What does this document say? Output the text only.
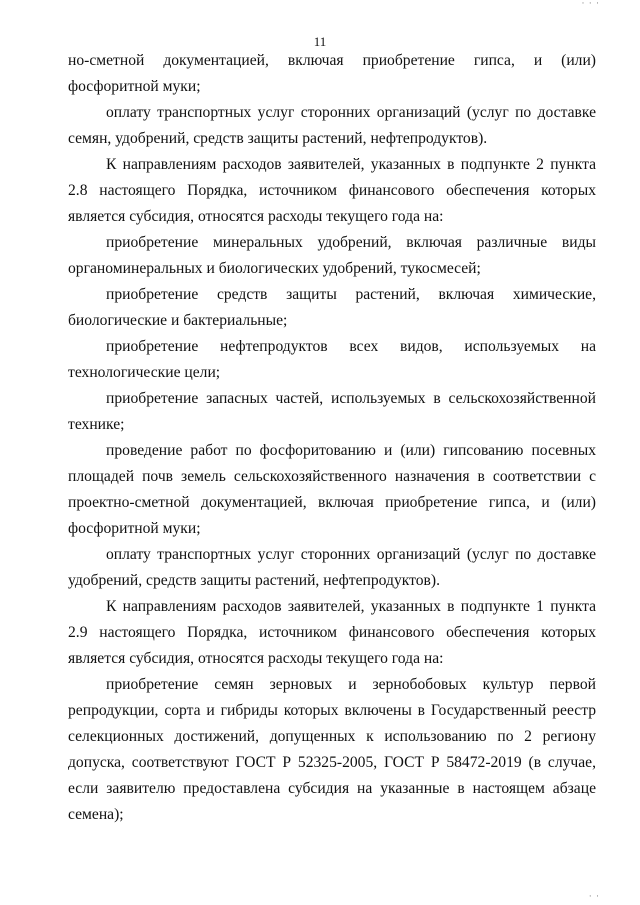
· · ·
11

но-сметной документацией, включая приобретение гипса, и (или) фосфоритной муки;

оплату транспортных услуг сторонних организаций (услуг по доставке семян, удобрений, средств защиты растений, нефтепродуктов).

К направлениям расходов заявителей, указанных в подпункте 2 пункта 2.8 настоящего Порядка, источником финансового обеспечения которых является субсидия, относятся расходы текущего года на:

приобретение минеральных удобрений, включая различные виды органоминеральных и биологических удобрений, тукосмесей;

приобретение средств защиты растений, включая химические, биологические и бактериальные;

приобретение нефтепродуктов всех видов, используемых на технологические цели;

приобретение запасных частей, используемых в сельскохозяйственной технике;

проведение работ по фосфоритованию и (или) гипсованию посевных площадей почв земель сельскохозяйственного назначения в соответствии с проектно-сметной документацией, включая приобретение гипса, и (или) фосфоритной муки;

оплату транспортных услуг сторонних организаций (услуг по доставке удобрений, средств защиты растений, нефтепродуктов).

К направлениям расходов заявителей, указанных в подпункте 1 пункта 2.9 настоящего Порядка, источником финансового обеспечения которых является субсидия, относятся расходы текущего года на:

приобретение семян зерновых и зернобобовых культур первой репродукции, сорта и гибриды которых включены в Государственный реестр селекционных достижений, допущенных к использованию по 2 региону допуска, соответствуют ГОСТ Р 52325-2005, ГОСТ Р 58472-2019 (в случае, если заявителю предоставлена субсидия на указанные в настоящем абзаце семена);

· ·
